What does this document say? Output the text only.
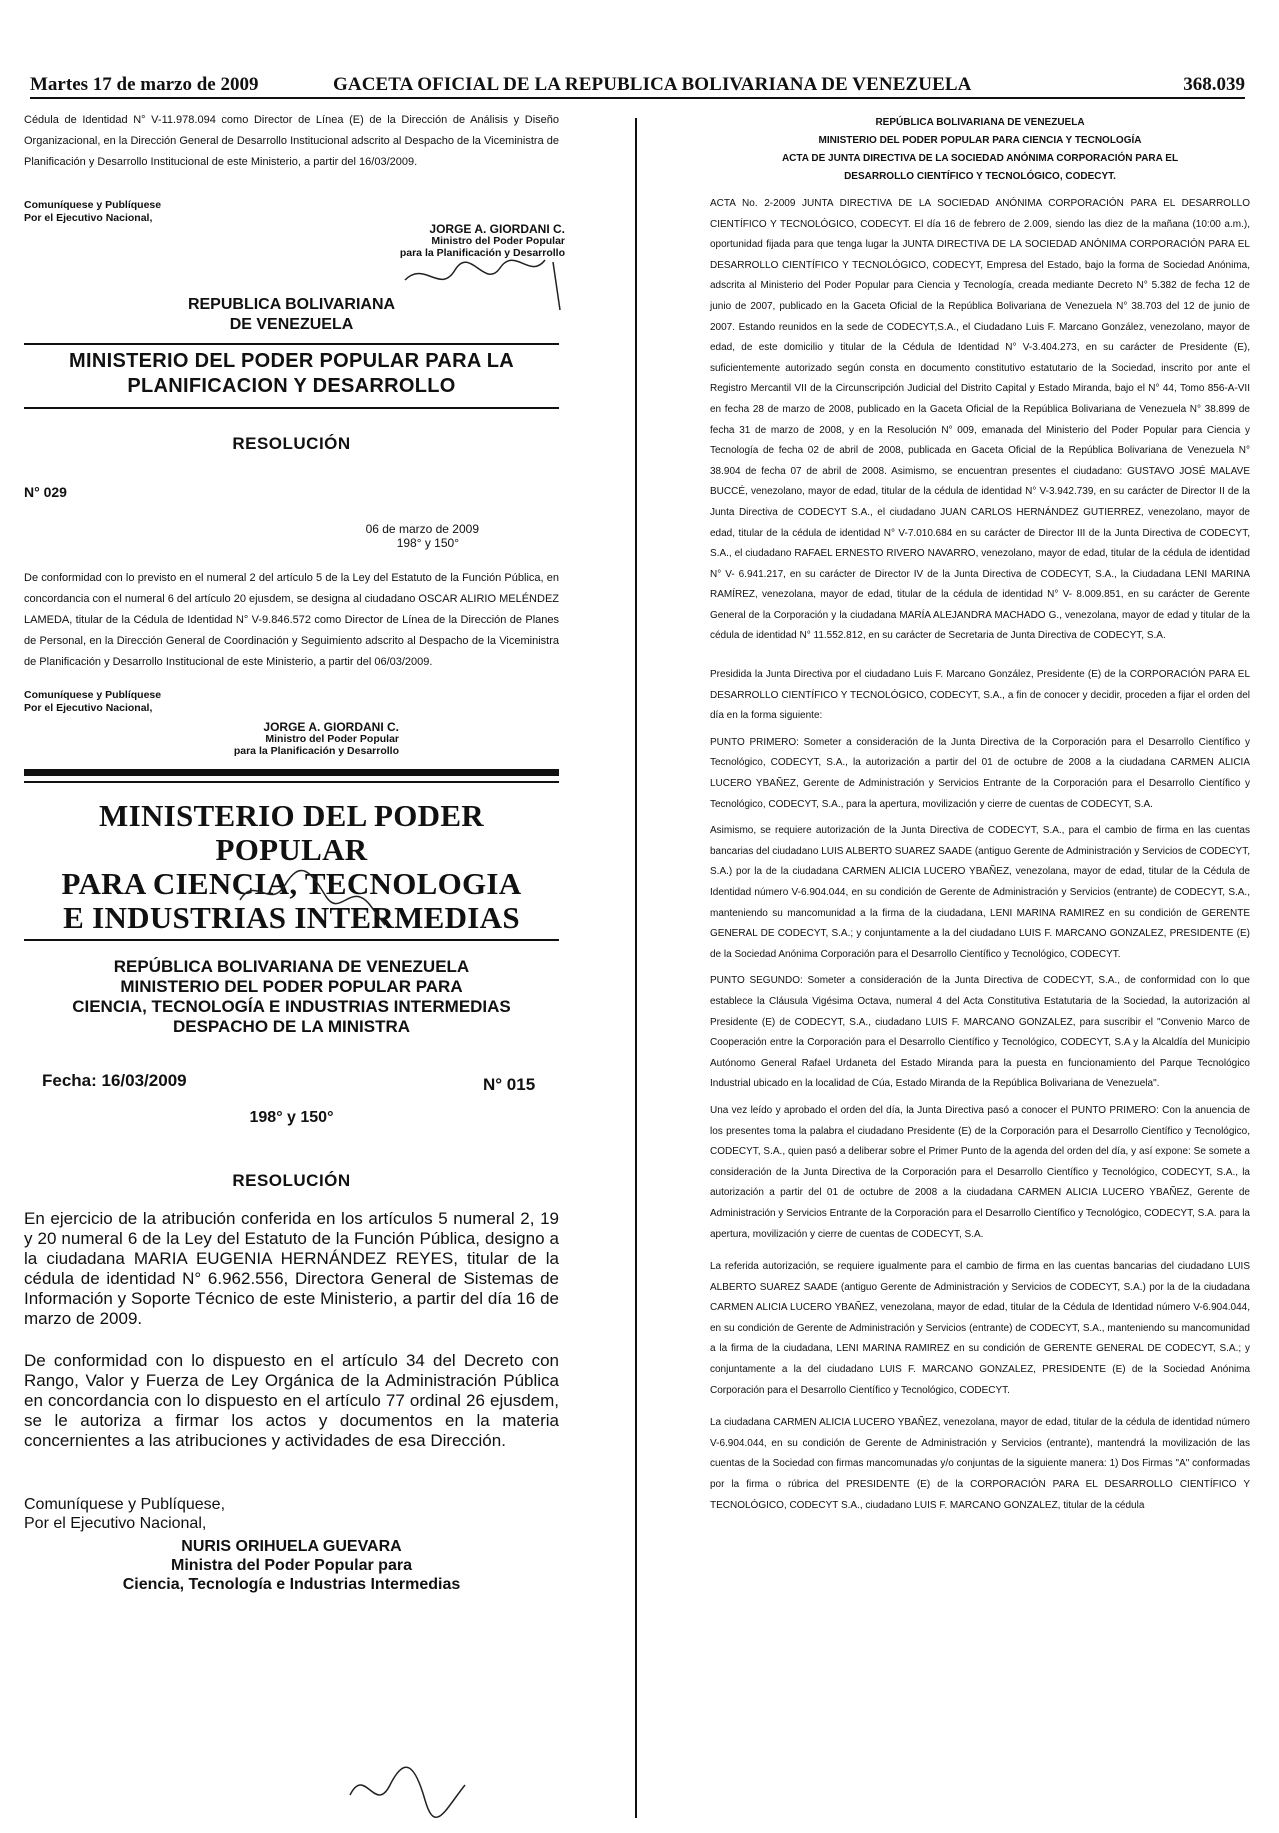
Martes 17 de marzo de 2009	GACETA OFICIAL DE LA REPUBLICA BOLIVARIANA DE VENEZUELA	368.039

Cédula de Identidad N° V-11.978.094 como Director de Línea (E) de la Dirección de Análisis y Diseño Organizacional, en la Dirección General de Desarrollo Institucional adscrito al Despacho de la Viceministra de Planificación y Desarrollo Institucional de este Ministerio, a partir del 16/03/2009.

Comuníquese y Publíquese
Por el Ejecutivo Nacional,
JORGE A. GIORDANI C.
Ministro del Poder Popular
para la Planificación y Desarrollo
REPUBLICA BOLIVARIANA
DE VENEZUELA
MINISTERIO DEL PODER POPULAR PARA LA
PLANIFICACION Y DESARROLLO
RESOLUCIÓN
N° 029
06 de marzo de 2009
198° y 150°

De conformidad con lo previsto en el numeral 2 del artículo 5 de la Ley del Estatuto de la Función Pública, en concordancia con el numeral 6 del artículo 20 ejusdem, se designa al ciudadano OSCAR ALIRIO MELÉNDEZ LAMEDA, titular de la Cédula de Identidad N° V-9.846.572 como Director de Línea de la Dirección de Planes de Personal, en la Dirección General de Coordinación y Seguimiento adscrito al Despacho de la Viceministra de Planificación y Desarrollo Institucional de este Ministerio, a partir del 06/03/2009.

Comuníquese y Publíquese
Por el Ejecutivo Nacional,
JORGE A. GIORDANI C.
Ministro del Poder Popular
para la Planificación y Desarrollo
MINISTERIO DEL PODER POPULAR
PARA CIENCIA, TECNOLOGIA
E INDUSTRIAS INTERMEDIAS
REPÚBLICA BOLIVARIANA DE VENEZUELA
MINISTERIO DEL PODER POPULAR PARA
CIENCIA, TECNOLOGÍA E INDUSTRIAS INTERMEDIAS
DESPACHO DE LA MINISTRA
Fecha: 16/03/2009	N° 015
198° y 150°
RESOLUCIÓN

En ejercicio de la atribución conferida en los artículos 5 numeral 2, 19 y 20 numeral 6 de la Ley del Estatuto de la Función Pública, designo a la ciudadana MARIA EUGENIA HERNÁNDEZ REYES, titular de la cédula de identidad N° 6.962.556, Directora General de Sistemas de Información y Soporte Técnico de este Ministerio, a partir del día 16 de marzo de 2009.

De conformidad con lo dispuesto en el artículo 34 del Decreto con Rango, Valor y Fuerza de Ley Orgánica de la Administración Pública en concordancia con lo dispuesto en el artículo 77 ordinal 26 ejusdem, se le autoriza a firmar los actos y documentos en la materia concernientes a las atribuciones y actividades de esa Dirección.

Comuníquese y Publíquese,
Por el Ejecutivo Nacional,
NURIS ORIHUELA GUEVARA
Ministra del Poder Popular para
Ciencia, Tecnología e Industrias Intermedias
REPÚBLICA BOLIVARIANA DE VENEZUELA
MINISTERIO DEL PODER POPULAR PARA CIENCIA Y TECNOLOGÍA
ACTA DE JUNTA DIRECTIVA DE LA SOCIEDAD ANÓNIMA CORPORACIÓN PARA EL
DESARROLLO CIENTÍFICO Y TECNOLÓGICO, CODECYT.

ACTA No. 2-2009 JUNTA DIRECTIVA DE LA SOCIEDAD ANÓNIMA CORPORACIÓN PARA EL DESARROLLO CIENTÍFICO Y TECNOLÓGICO, CODECYT. El día 16 de febrero de 2.009, siendo las diez de la mañana (10:00 a.m.), oportunidad fijada para que tenga lugar la JUNTA DIRECTIVA DE LA SOCIEDAD ANÓNIMA CORPORACIÓN PARA EL DESARROLLO CIENTÍFICO Y TECNOLÓGICO, CODECYT, Empresa del Estado, bajo la forma de Sociedad Anónima, adscrita al Ministerio del Poder Popular para Ciencia y Tecnología, creada mediante Decreto N° 5.382 de fecha 12 de junio de 2007, publicado en la Gaceta Oficial de la República Bolivariana de Venezuela N° 38.703 del 12 de junio de 2007. Estando reunidos en la sede de CODECYT,S.A., el Ciudadano Luis F. Marcano González, venezolano, mayor de edad, de este domicilio y titular de la Cédula de Identidad N° V-3.404.273, en su carácter de Presidente (E), suficientemente autorizado según consta en documento constitutivo estatutario de la Sociedad, inscrito por ante el Registro Mercantil VII de la Circunscripción Judicial del Distrito Capital y Estado Miranda, bajo el N° 44, Tomo 856-A-VII en fecha 28 de marzo de 2008, publicado en la Gaceta Oficial de la República Bolivariana de Venezuela N° 38.899 de fecha 31 de marzo de 2008, y en la Resolución N° 009, emanada del Ministerio del Poder Popular para Ciencia y Tecnología de fecha 02 de abril de 2008, publicada en Gaceta Oficial de la República Bolivariana de Venezuela N° 38.904 de fecha 07 de abril de 2008. Asimismo, se encuentran presentes el ciudadano: GUSTAVO JOSÉ MALAVE BUCCÉ, venezolano, mayor de edad, titular de la cédula de identidad N° V-3.942.739, en su carácter de Director II de la Junta Directiva de CODECYT S.A., el ciudadano JUAN CARLOS HERNÁNDEZ GUTIERREZ, venezolano, mayor de edad, titular de la cédula de identidad N° V-7.010.684 en su carácter de Director III de la Junta Directiva de CODECYT, S.A., el ciudadano RAFAEL ERNESTO RIVERO NAVARRO, venezolano, mayor de edad, titular de la cédula de identidad N° V- 6.941.217, en su carácter de Director IV de la Junta Directiva de CODECYT, S.A., la Ciudadana LENI MARINA RAMÍREZ, venezolana, mayor de edad, titular de la cédula de identidad N° V- 8.009.851, en su carácter de Gerente General de la Corporación y la ciudadana MARÍA ALEJANDRA MACHADO G., venezolana, mayor de edad y titular de la cédula de identidad N° 11.552.812, en su carácter de Secretaria de Junta Directiva de CODECYT, S.A.

Presidida la Junta Directiva por el ciudadano Luis F. Marcano González, Presidente (E) de la CORPORACIÓN PARA EL DESARROLLO CIENTÍFICO Y TECNOLÓGICO, CODECYT, S.A., a fin de conocer y decidir, proceden a fijar el orden del día en la forma siguiente:

PUNTO PRIMERO: Someter a consideración de la Junta Directiva de la Corporación para el Desarrollo Científico y Tecnológico, CODECYT, S.A., la autorización a partir del 01 de octubre de 2008 a la ciudadana CARMEN ALICIA LUCERO YBAÑEZ, Gerente de Administración y Servicios Entrante de la Corporación para el Desarrollo Científico y Tecnológico, CODECYT, S.A., para la apertura, movilización y cierre de cuentas de CODECYT, S.A.

Asimismo, se requiere autorización de la Junta Directiva de CODECYT, S.A., para el cambio de firma en las cuentas bancarias del ciudadano LUIS ALBERTO SUAREZ SAADE (antiguo Gerente de Administración y Servicios de CODECYT, S.A.) por la de la ciudadana CARMEN ALICIA LUCERO YBAÑEZ, venezolana, mayor de edad, titular de la Cédula de Identidad número V-6.904.044, en su condición de Gerente de Administración y Servicios (entrante) de CODECYT, S.A., manteniendo su mancomunidad a la firma de la ciudadana, LENI MARINA RAMIREZ en su condición de GERENTE GENERAL DE CODECYT, S.A.; y conjuntamente a la del ciudadano LUIS F. MARCANO GONZALEZ, PRESIDENTE (E) de la Sociedad Anónima Corporación para el Desarrollo Científico y Tecnológico, CODECYT.

PUNTO SEGUNDO: Someter a consideración de la Junta Directiva de CODECYT, S.A., de conformidad con lo que establece la Cláusula Vigésima Octava, numeral 4 del Acta Constitutiva Estatutaria de la Sociedad, la autorización al Presidente (E) de CODECYT, S.A., ciudadano LUIS F. MARCANO GONZALEZ, para suscribir el "Convenio Marco de Cooperación entre la Corporación para el Desarrollo Científico y Tecnológico, CODECYT, S.A y la Alcaldía del Municipio Autónomo General Rafael Urdaneta del Estado Miranda para la puesta en funcionamiento del Parque Tecnológico Industrial ubicado en la localidad de Cúa, Estado Miranda de la República Bolivariana de Venezuela".

Una vez leído y aprobado el orden del día, la Junta Directiva pasó a conocer el PUNTO PRIMERO: Con la anuencia de los presentes toma la palabra el ciudadano Presidente (E) de la Corporación para el Desarrollo Científico y Tecnológico, CODECYT, S.A., quien pasó a deliberar sobre el Primer Punto de la agenda del orden del día, y así expone: Se somete a consideración de la Junta Directiva de la Corporación para el Desarrollo Científico y Tecnológico, CODECYT, S.A., la autorización a partir del 01 de octubre de 2008 a la ciudadana CARMEN ALICIA LUCERO YBAÑEZ, Gerente de Administración y Servicios Entrante de la Corporación para el Desarrollo Científico y Tecnológico, CODECYT, S.A. para la apertura, movilización y cierre de cuentas de CODECYT, S.A.

La referida autorización, se requiere igualmente para el cambio de firma en las cuentas bancarias del ciudadano LUIS ALBERTO SUAREZ SAADE (antiguo Gerente de Administración y Servicios de CODECYT, S.A.) por la de la ciudadana CARMEN ALICIA LUCERO YBAÑEZ, venezolana, mayor de edad, titular de la Cédula de Identidad número V-6.904.044, en su condición de Gerente de Administración y Servicios (entrante) de CODECYT, S.A., manteniendo su mancomunidad a la firma de la ciudadana, LENI MARINA RAMIREZ en su condición de GERENTE GENERAL DE CODECYT, S.A.; y conjuntamente a la del ciudadano LUIS F. MARCANO GONZALEZ, PRESIDENTE (E) de la Sociedad Anónima Corporación para el Desarrollo Científico y Tecnológico, CODECYT.

La ciudadana CARMEN ALICIA LUCERO YBAÑEZ, venezolana, mayor de edad, titular de la cédula de identidad número V-6.904.044, en su condición de Gerente de Administración y Servicios (entrante), mantendrá la movilización de las cuentas de la Sociedad con firmas mancomunadas y/o conjuntas de la siguiente manera: 1) Dos Firmas "A" conformadas por la firma o rúbrica del PRESIDENTE (E) de la CORPORACIÓN PARA EL DESARROLLO CIENTÍFICO Y TECNOLÓGICO, CODECYT S.A., ciudadano LUIS F. MARCANO GONZALEZ, titular de la cédula
